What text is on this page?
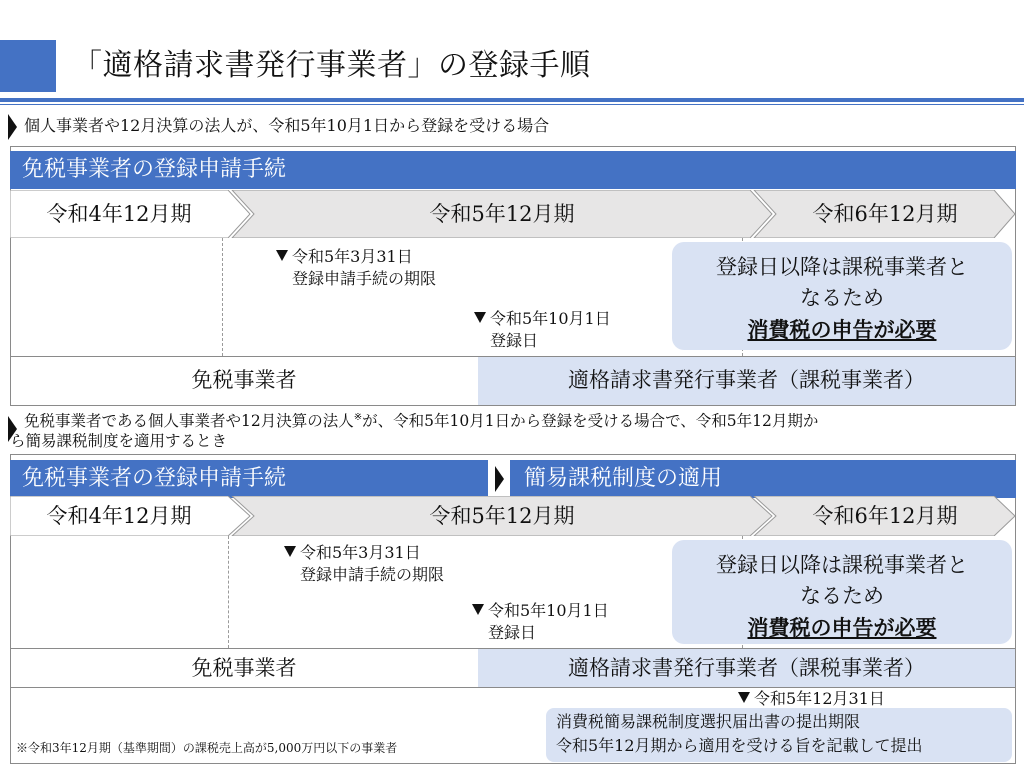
「適格請求書発行事業者」の登録手順
個人事業者や12月決算の法人が、令和5年10月1日から登録を受ける場合
免税事業者の登録申請手続
令和4年12月期	令和5年12月期	令和6年12月期
令和5年3月31日
登録申請手続の期限
令和5年10月1日
登録日
登録日以降は課税事業者と
なるため
消費税の申告が必要
免税事業者	適格請求書発行事業者（課税事業者）
免税事業者である個人事業者や12月決算の法人※が、令和5年10月1日から登録を受ける場合で、令和5年12月期か
ら簡易課税制度を適用するとき
免税事業者の登録申請手続	簡易課税制度の適用
令和4年12月期	令和5年12月期	令和6年12月期
令和5年3月31日
登録申請手続の期限
令和5年10月1日
登録日
登録日以降は課税事業者と
なるため
消費税の申告が必要
免税事業者	適格請求書発行事業者（課税事業者）
令和5年12月31日
消費税簡易課税制度選択届出書の提出期限
令和5年12月期から適用を受ける旨を記載して提出
※令和3年12月期（基準期間）の課税売上高が5,000万円以下の事業者
